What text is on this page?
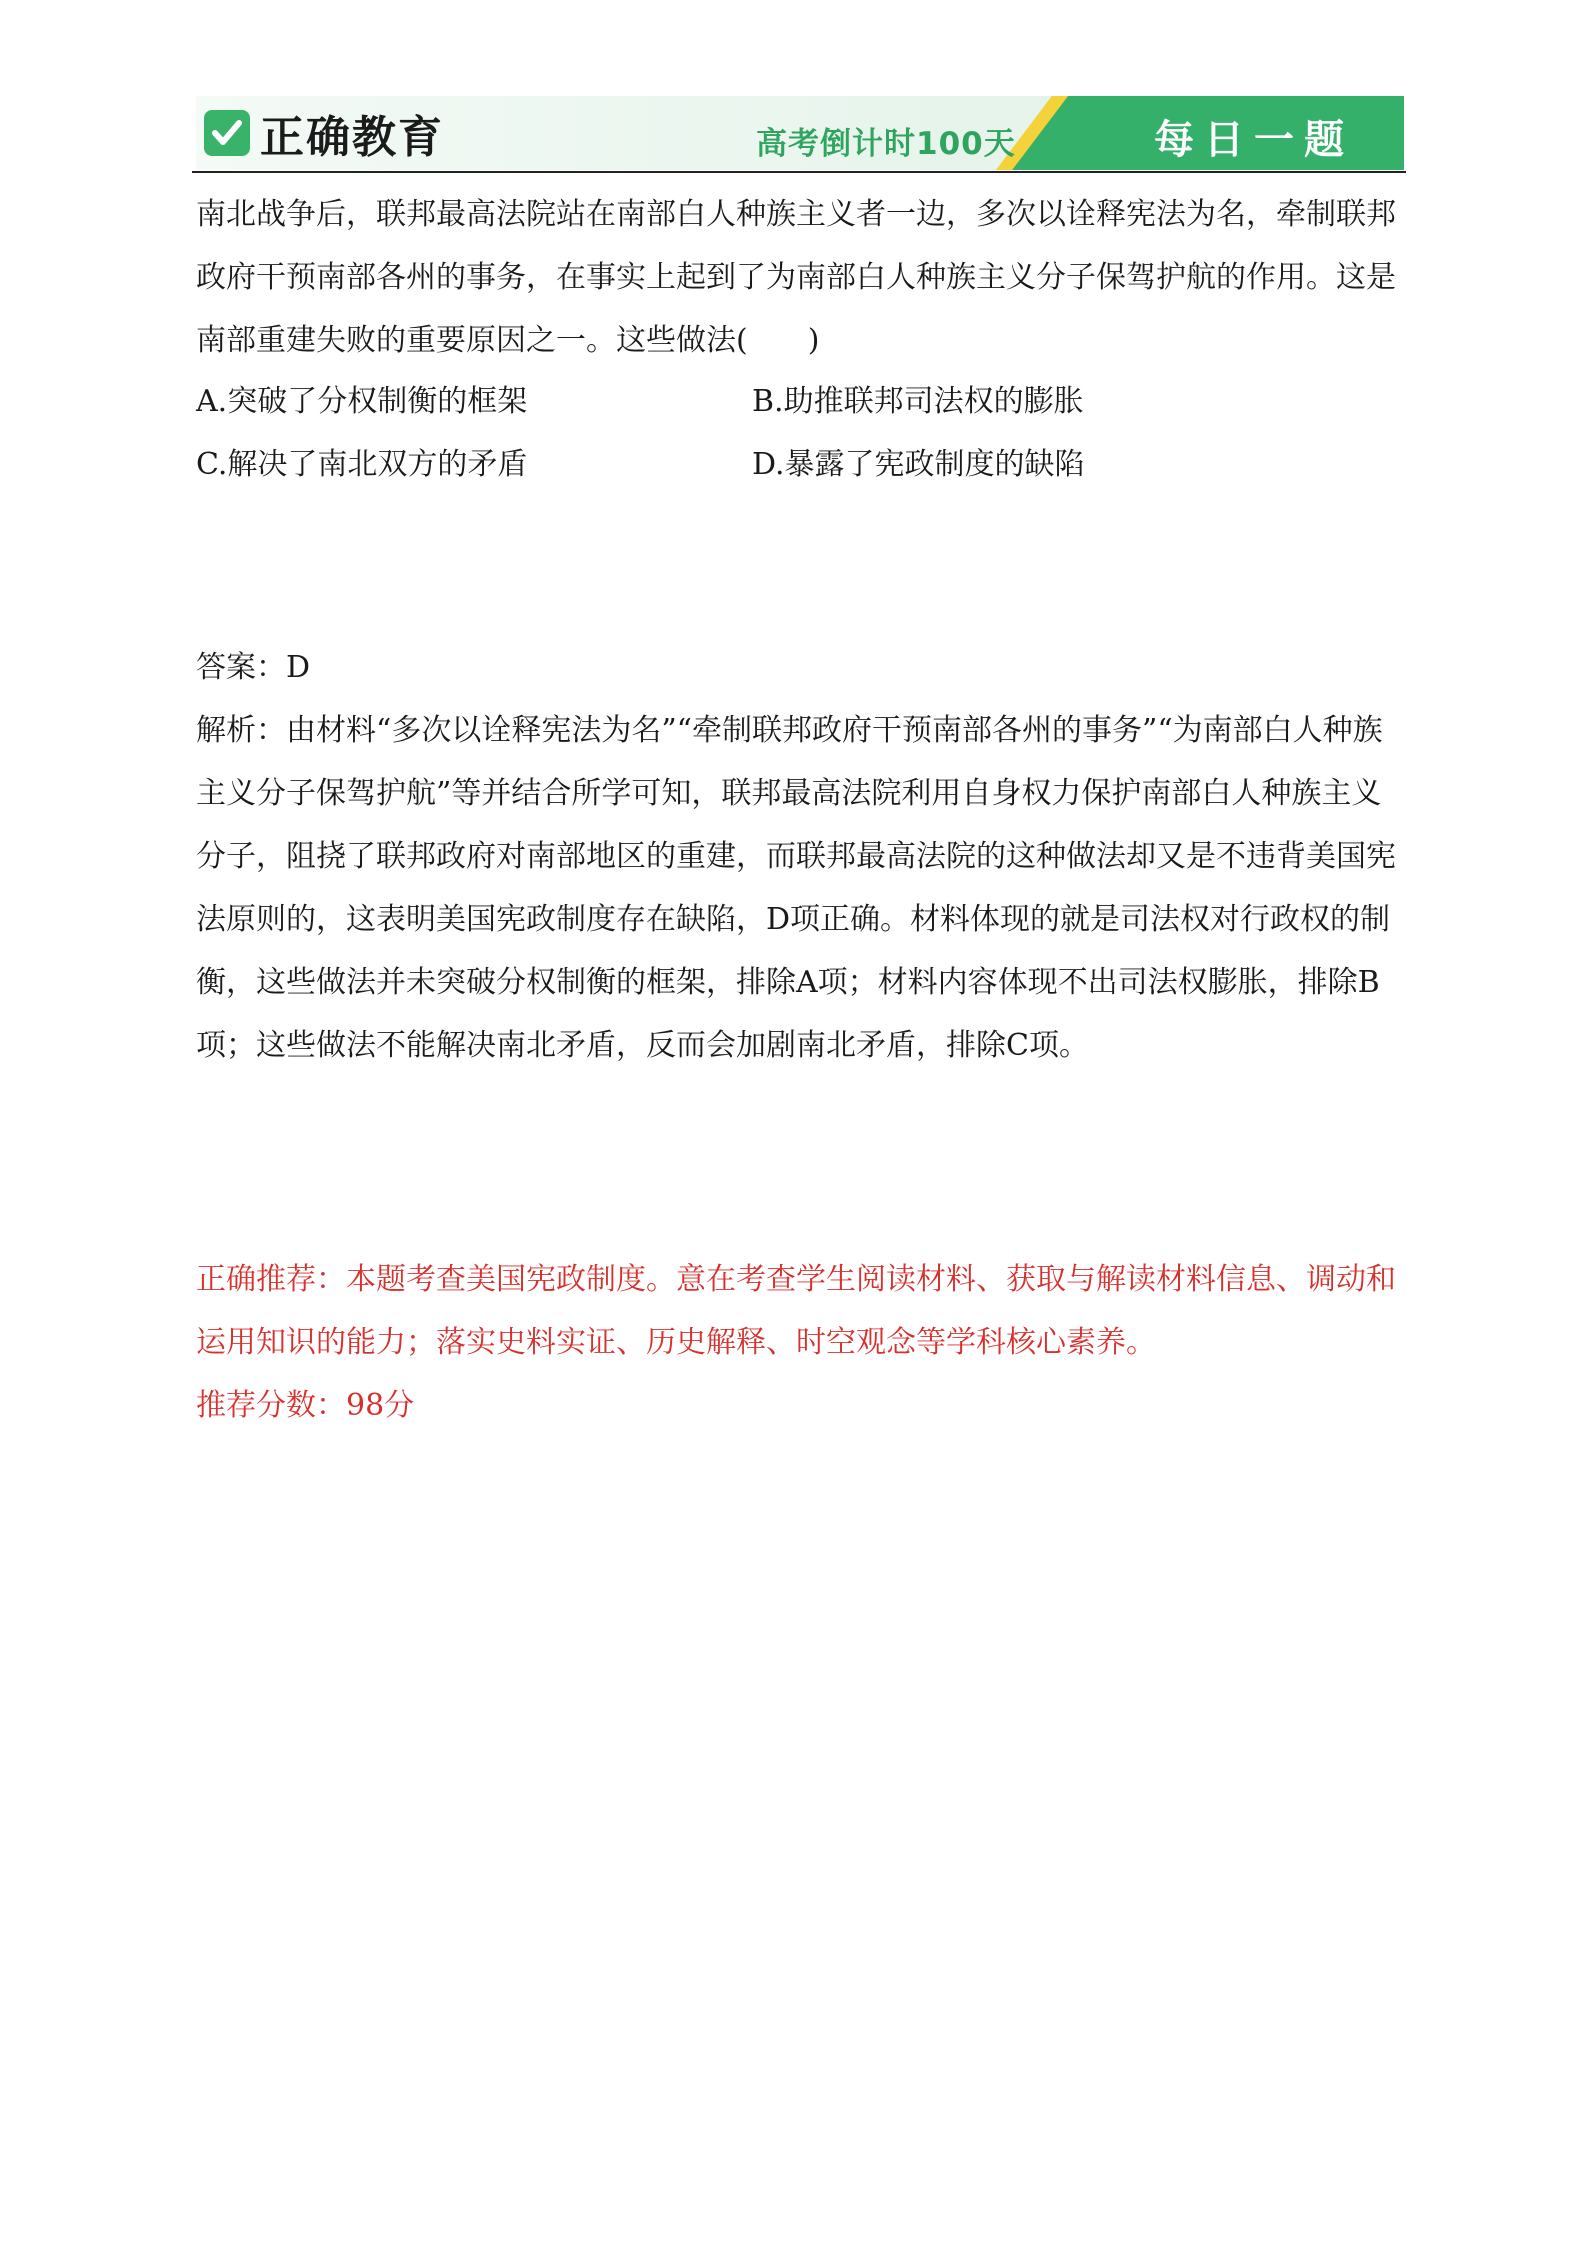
正确教育	高考倒计时100天	每日一题

南北战争后，联邦最高法院站在南部白人种族主义者一边，多次以诠释宪法为名，牵制联邦政府干预南部各州的事务，在事实上起到了为南部白人种族主义分子保驾护航的作用。这是南部重建失败的重要原因之一。这些做法(　　)

A.突破了分权制衡的框架	B.助推联邦司法权的膨胀
C.解决了南北双方的矛盾	D.暴露了宪政制度的缺陷

答案：D

解析：由材料“多次以诠释宪法为名”“牵制联邦政府干预南部各州的事务”“为南部白人种族主义分子保驾护航”等并结合所学可知，联邦最高法院利用自身权力保护南部白人种族主义分子，阻挠了联邦政府对南部地区的重建，而联邦最高法院的这种做法却又是不违背美国宪法原则的，这表明美国宪政制度存在缺陷，D项正确。材料体现的就是司法权对行政权的制衡，这些做法并未突破分权制衡的框架，排除A项；材料内容体现不出司法权膨胀，排除B项；这些做法不能解决南北矛盾，反而会加剧南北矛盾，排除C项。

正确推荐：本题考查美国宪政制度。意在考查学生阅读材料、获取与解读材料信息、调动和运用知识的能力；落实史料实证、历史解释、时空观念等学科核心素养。

推荐分数：98分
